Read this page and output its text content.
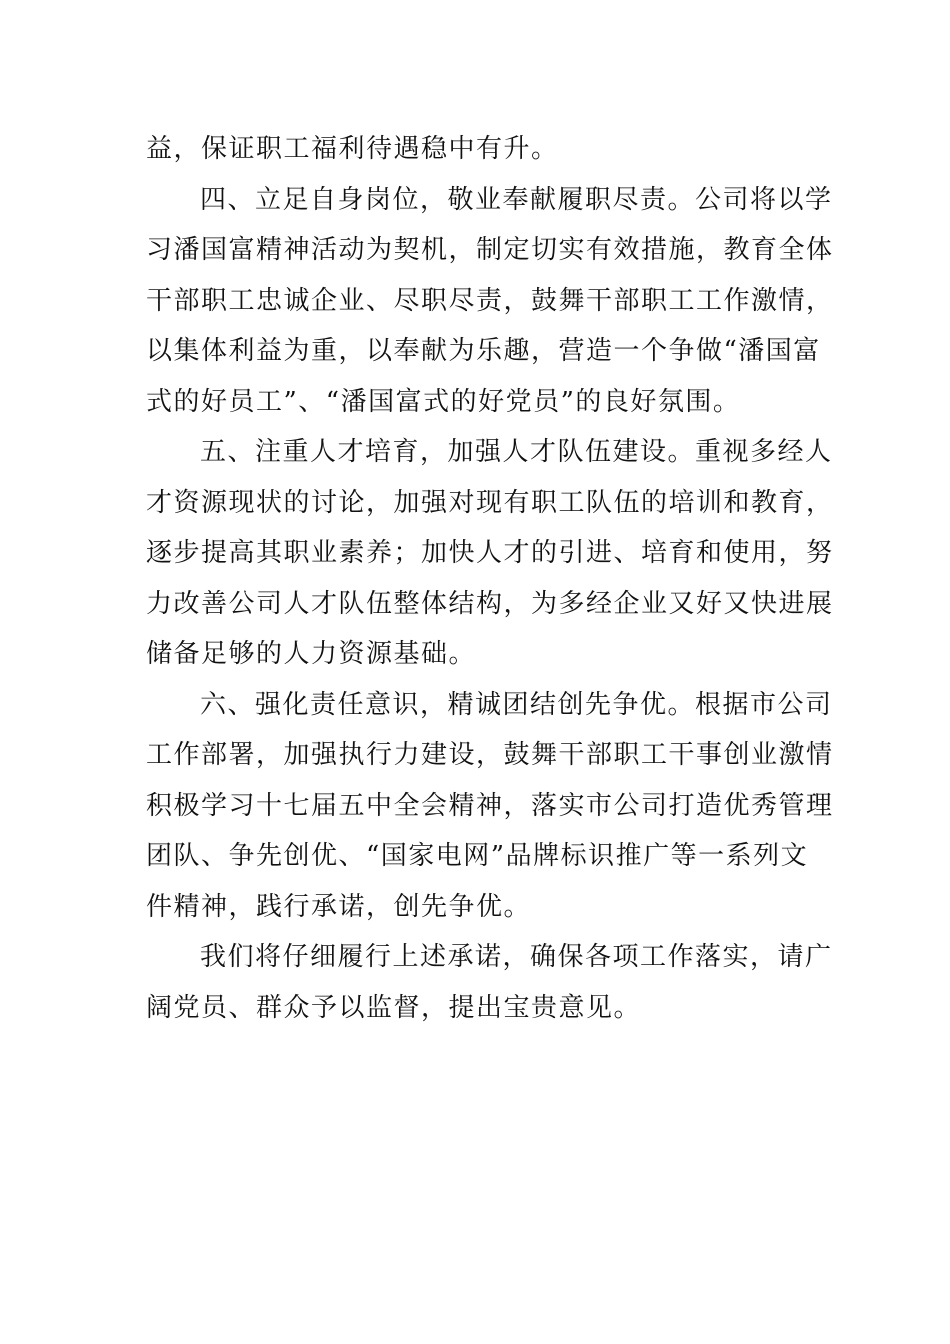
益，保证职工福利待遇稳中有升。
四、立足自身岗位，敬业奉献履职尽责。公司将以学
习潘国富精神活动为契机，制定切实有效措施，教育全体
干部职工忠诚企业、尽职尽责，鼓舞干部职工工作激情，
以集体利益为重，以奉献为乐趣，营造一个争做“潘国富
式的好员工”、“潘国富式的好党员”的良好氛围。
五、注重人才培育，加强人才队伍建设。重视多经人
才资源现状的讨论，加强对现有职工队伍的培训和教育，
逐步提高其职业素养；加快人才的引进、培育和使用，努
力改善公司人才队伍整体结构，为多经企业又好又快进展
储备足够的人力资源基础。
六、强化责任意识，精诚团结创先争优。根据市公司
工作部署，加强执行力建设，鼓舞干部职工干事创业激情
积极学习十七届五中全会精神，落实市公司打造优秀管理
团队、争先创优、“国家电网”品牌标识推广等一系列文
件精神，践行承诺，创先争优。
我们将仔细履行上述承诺，确保各项工作落实，请广
阔党员、群众予以监督，提出宝贵意见。
